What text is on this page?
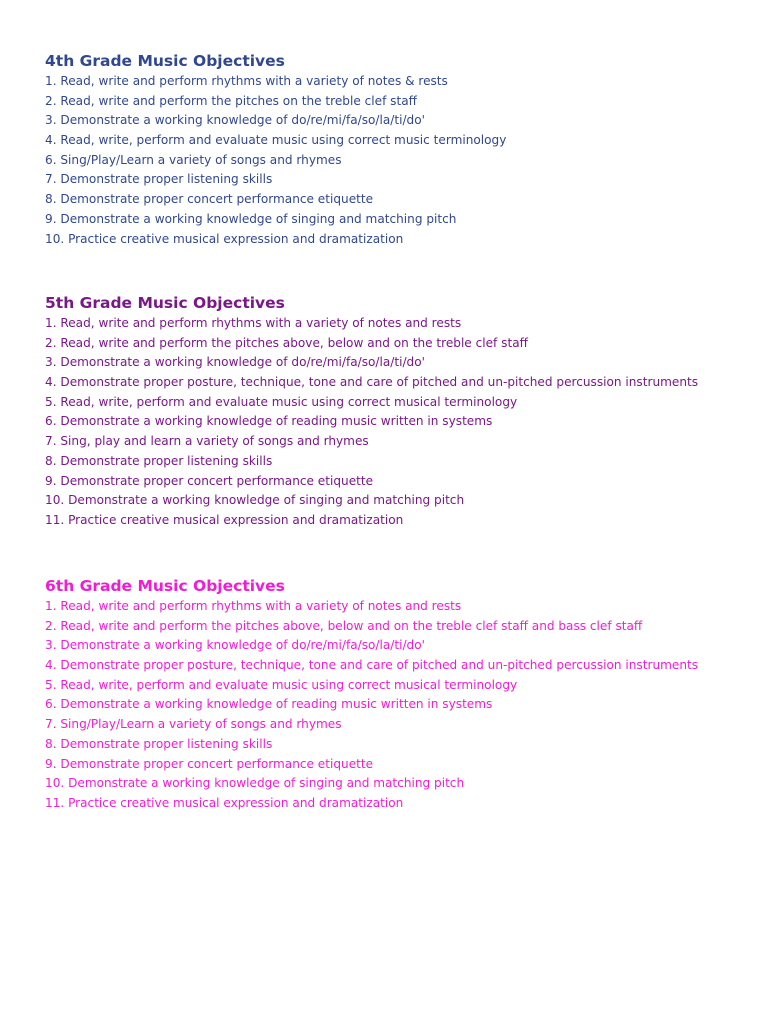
4th Grade Music Objectives
1. Read, write and perform rhythms with a variety of notes & rests
2. Read, write and perform the pitches on the treble clef staff
3. Demonstrate a working knowledge of do/re/mi/fa/so/la/ti/do'
4. Read, write, perform and evaluate music using correct music terminology
6. Sing/Play/Learn a variety of songs and rhymes
7. Demonstrate proper listening skills
8. Demonstrate proper concert performance etiquette
9. Demonstrate a working knowledge of singing and matching pitch
10. Practice creative musical expression and dramatization
5th Grade Music Objectives
1. Read, write and perform rhythms with a variety of notes and rests
2. Read, write and perform the pitches above, below and on the treble clef staff
3. Demonstrate a working knowledge of do/re/mi/fa/so/la/ti/do'
4. Demonstrate proper posture, technique, tone and care of pitched and un-pitched percussion instruments
5. Read, write, perform and evaluate music using correct musical terminology
6. Demonstrate a working knowledge of reading music written in systems
7. Sing, play and learn a variety of songs and rhymes
8. Demonstrate proper listening skills
9. Demonstrate proper concert performance etiquette
10. Demonstrate a working knowledge of singing and matching pitch
11. Practice creative musical expression and dramatization
6th Grade Music Objectives
1. Read, write and perform rhythms with a variety of notes and rests
2. Read, write and perform the pitches above, below and on the treble clef staff and bass clef staff
3. Demonstrate a working knowledge of do/re/mi/fa/so/la/ti/do'
4. Demonstrate proper posture, technique, tone and care of pitched and un-pitched percussion instruments
5. Read, write, perform and evaluate music using correct musical terminology
6. Demonstrate a working knowledge of reading music written in systems
7. Sing/Play/Learn a variety of songs and rhymes
8. Demonstrate proper listening skills
9. Demonstrate proper concert performance etiquette
10. Demonstrate a working knowledge of singing and matching pitch
11. Practice creative musical expression and dramatization
